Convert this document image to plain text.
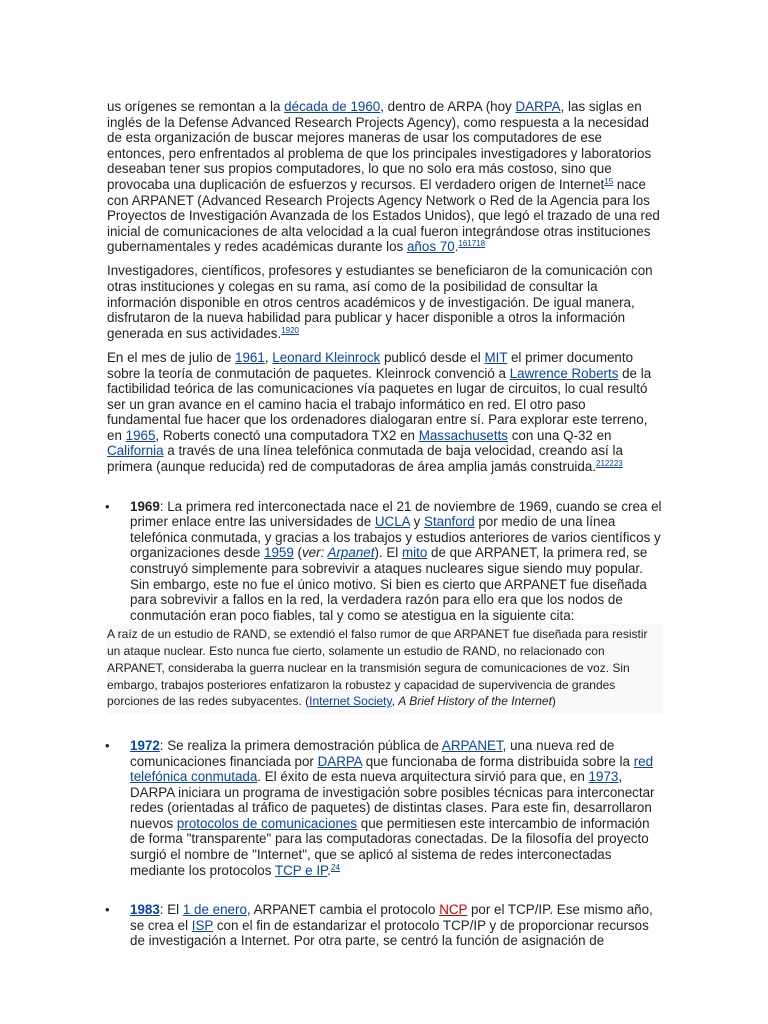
us orígenes se remontan a la década de 1960, dentro de ARPA (hoy DARPA, las siglas en inglés de la Defense Advanced Research Projects Agency), como respuesta a la necesidad de esta organización de buscar mejores maneras de usar los computadores de ese entonces, pero enfrentados al problema de que los principales investigadores y laboratorios deseaban tener sus propios computadores, lo que no solo era más costoso, sino que provocaba una duplicación de esfuerzos y recursos. El verdadero origen de Internet$^{15}$ nace con ARPANET (Advanced Research Projects Agency Network o Red de la Agencia para los Proyectos de Investigación Avanzada de los Estados Unidos), que legó el trazado de una red inicial de comunicaciones de alta velocidad a la cual fueron integrándose otras instituciones gubernamentales y redes académicas durante los años 70.$^{161718}$

Investigadores, científicos, profesores y estudiantes se beneficiaron de la comunicación con otras instituciones y colegas en su rama, así como de la posibilidad de consultar la información disponible en otros centros académicos y de investigación. De igual manera, disfrutaron de la nueva habilidad para publicar y hacer disponible a otros la información generada en sus actividades.$^{1920}$

En el mes de julio de 1961, Leonard Kleinrock publicó desde el MIT el primer documento sobre la teoría de conmutación de paquetes. Kleinrock convenció a Lawrence Roberts de la factibilidad teórica de las comunicaciones vía paquetes en lugar de circuitos, lo cual resultó ser un gran avance en el camino hacia el trabajo informático en red. El otro paso fundamental fue hacer que los ordenadores dialogaran entre sí. Para explorar este terreno, en 1965, Roberts conectó una computadora TX2 en Massachusetts con una Q-32 en California a través de una línea telefónica conmutada de baja velocidad, creando así la primera (aunque reducida) red de computadoras de área amplia jamás construida.$^{212223}$

• 1969: La primera red interconectada nace el 21 de noviembre de 1969, cuando se crea el primer enlace entre las universidades de UCLA y Stanford por medio de una línea telefónica conmutada, y gracias a los trabajos y estudios anteriores de varios científicos y organizaciones desde 1959 (ver: Arpanet). El mito de que ARPANET, la primera red, se construyó simplemente para sobrevivir a ataques nucleares sigue siendo muy popular. Sin embargo, este no fue el único motivo. Si bien es cierto que ARPANET fue diseñada para sobrevivir a fallos en la red, la verdadera razón para ello era que los nodos de conmutación eran poco fiables, tal y como se atestigua en la siguiente cita:
A raíz de un estudio de RAND, se extendió el falso rumor de que ARPANET fue diseñada para resistir un ataque nuclear. Esto nunca fue cierto, solamente un estudio de RAND, no relacionado con ARPANET, consideraba la guerra nuclear en la transmisión segura de comunicaciones de voz. Sin embargo, trabajos posteriores enfatizaron la robustez y capacidad de supervivencia de grandes porciones de las redes subyacentes. (Internet Society, A Brief History of the Internet)
• 1972: Se realiza la primera demostración pública de ARPANET, una nueva red de comunicaciones financiada por DARPA que funcionaba de forma distribuida sobre la red telefónica conmutada. El éxito de esta nueva arquitectura sirvió para que, en 1973, DARPA iniciara un programa de investigación sobre posibles técnicas para interconectar redes (orientadas al tráfico de paquetes) de distintas clases. Para este fin, desarrollaron nuevos protocolos de comunicaciones que permitiesen este intercambio de información de forma "transparente" para las computadoras conectadas. De la filosofía del proyecto surgió el nombre de "Internet", que se aplicó al sistema de redes interconectadas mediante los protocolos TCP e IP.$^{24}$
• 1983: El 1 de enero, ARPANET cambia el protocolo NCP por el TCP/IP. Ese mismo año, se crea el ISP con el fin de estandarizar el protocolo TCP/IP y de proporcionar recursos de investigación a Internet. Por otra parte, se centró la función de asignación de
